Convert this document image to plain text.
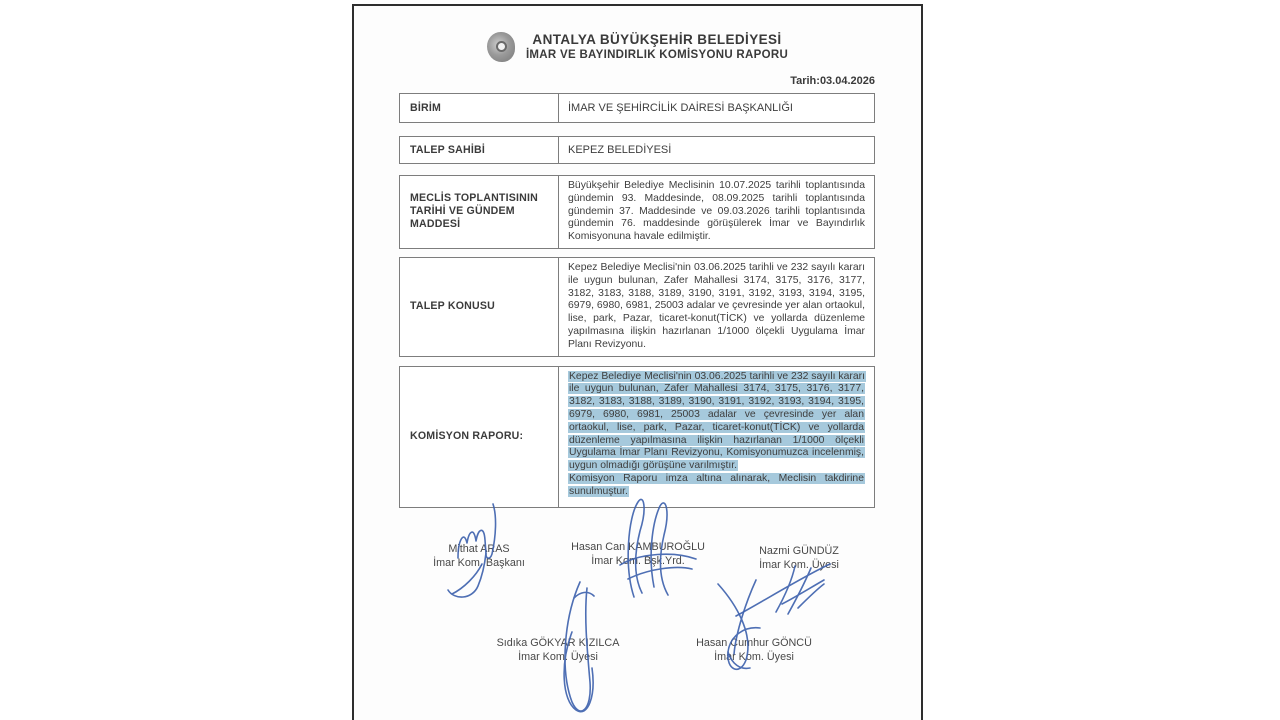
ANTALYA BÜYÜKŞEHİR BELEDİYESİ
İMAR VE BAYINDIRLIK KOMİSYONU RAPORU
Tarih:03.04.2026
BİRİM	İMAR VE ŞEHİRCİLİK DAİRESİ BAŞKANLIĞI
TALEP SAHİBİ	KEPEZ BELEDİYESİ
MECLİS TOPLANTISININ TARİHİ VE GÜNDEM MADDESİ
Büyükşehir Belediye Meclisinin 10.07.2025 tarihli toplantısında gündemin 93. Maddesinde, 08.09.2025 tarihli toplantısında gündemin 37. Maddesinde ve 09.03.2026 tarihli toplantısında gündemin 76. maddesinde görüşülerek İmar ve Bayındırlık Komisyonuna havale edilmiştir.
TALEP KONUSU
Kepez Belediye Meclisi'nin 03.06.2025 tarihli ve 232 sayılı kararı ile uygun bulunan, Zafer Mahallesi 3174, 3175, 3176, 3177, 3182, 3183, 3188, 3189, 3190, 3191, 3192, 3193, 3194, 3195, 6979, 6980, 6981, 25003 adalar ve çevresinde yer alan ortaokul, lise, park, Pazar, ticaret-konut(TİCK) ve yollarda düzenleme yapılmasına ilişkin hazırlanan 1/1000 ölçekli Uygulama İmar Planı Revizyonu.
KOMİSYON RAPORU:

Kepez Belediye Meclisi'nin 03.06.2025 tarihli ve 232 sayılı kararı ile uygun bulunan, Zafer Mahallesi 3174, 3175, 3176, 3177, 3182, 3183, 3188, 3189, 3190, 3191, 3192, 3193, 3194, 3195, 6979, 6980, 6981, 25003 adalar ve çevresinde yer alan ortaokul, lise, park, Pazar, ticaret-konut(TİCK) ve yollarda düzenleme yapılmasına ilişkin hazırlanan 1/1000 ölçekli Uygulama İmar Planı Revizyonu, Komisyonumuzca incelenmiş, uygun olmadığı görüşüne varılmıştır.

Komisyon Raporu imza altına alınarak, Meclisin takdirine sunulmuştur.

Mithat ARAS
İmar Kom. Başkanı
Hasan Can KAMBUROĞLU
İmar Kom. Bşk.Yrd.
Nazmi GÜNDÜZ
İmar Kom. Üyesi
Sıdıka GÖKYAR KIZILCA
İmar Kom. Üyesi
Hasan Cumhur GÖNCÜ
İmar Kom. Üyesi
